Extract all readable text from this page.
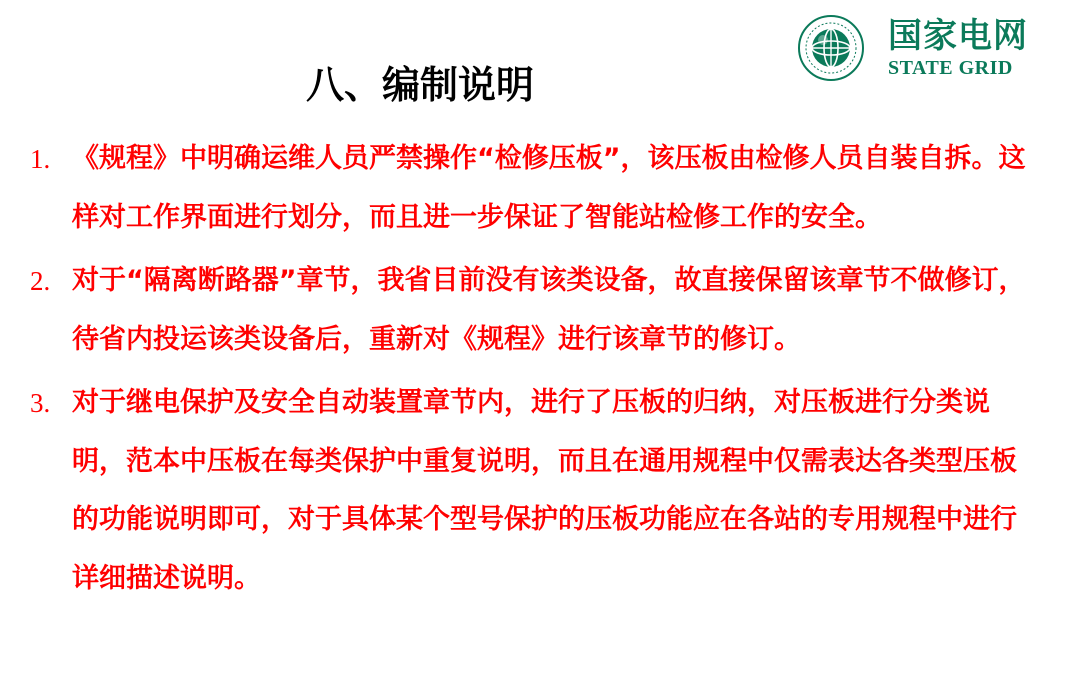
国家电网
STATE GRID
八、编制说明
1. 《规程》中明确运维人员严禁操作“检修压板”，该压板由检修人员自装自拆。这样对工作界面进行划分，而且进一步保证了智能站检修工作的安全。
2. 对于“隔离断路器”章节，我省目前没有该类设备，故直接保留该章节不做修订，待省内投运该类设备后，重新对《规程》进行该章节的修订。
3. 对于继电保护及安全自动装置章节内，进行了压板的归纳，对压板进行分类说明，范本中压板在每类保护中重复说明，而且在通用规程中仅需表达各类型压板的功能说明即可，对于具体某个型号保护的压板功能应在各站的专用规程中进行详细描述说明。
